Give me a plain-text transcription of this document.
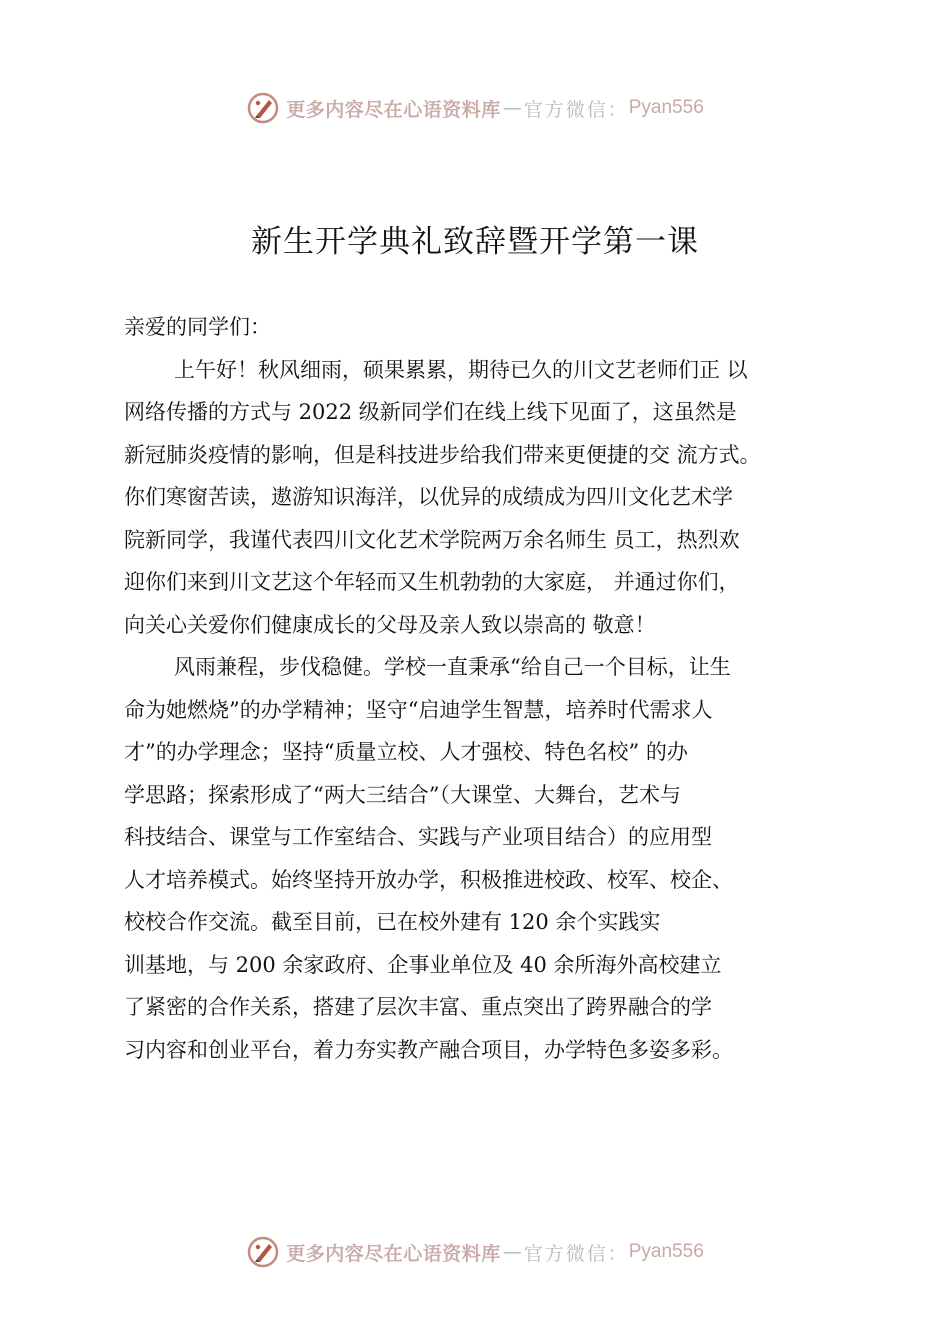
更多内容尽在心语资料库 — 官方微信： Pyan556
新生开学典礼致辞暨开学第一课
亲爱的同学们：
上午好！秋风细雨，硕果累累，期待已久的川文艺老师们正 以
网络传播的方式与 2022 级新同学们在线上线下见面了，这虽然是
新冠肺炎疫情的影响，但是科技进步给我们带来更便捷的交 流方式。
你们寒窗苦读，遨游知识海洋，以优异的成绩成为四川文化艺术学
院新同学，我谨代表四川文化艺术学院两万余名师生 员工，热烈欢
迎你们来到川文艺这个年轻而又生机勃勃的大家庭， 并通过你们，
向关心关爱你们健康成长的父母及亲人致以崇高的 敬意！
风雨兼程，步伐稳健。学校一直秉承“给自己一个目标，让生
命为她燃烧”的办学精神；坚守“启迪学生智慧，培养时代需求人
才”的办学理念；坚持“质量立校、人才强校、特色名校” 的办
学思路；探索形成了“两大三结合”（大课堂、大舞台，艺术与
科技结合、课堂与工作室结合、实践与产业项目结合）的应用型
人才培养模式。始终坚持开放办学，积极推进校政、校军、校企、
校校合作交流。截至目前，已在校外建有 120 余个实践实
训基地，与 200 余家政府、企事业单位及 40 余所海外高校建立
了紧密的合作关系，搭建了层次丰富、重点突出了跨界融合的学
习内容和创业平台，着力夯实教产融合项目，办学特色多姿多彩。
更多内容尽在心语资料库 — 官方微信： Pyan556
